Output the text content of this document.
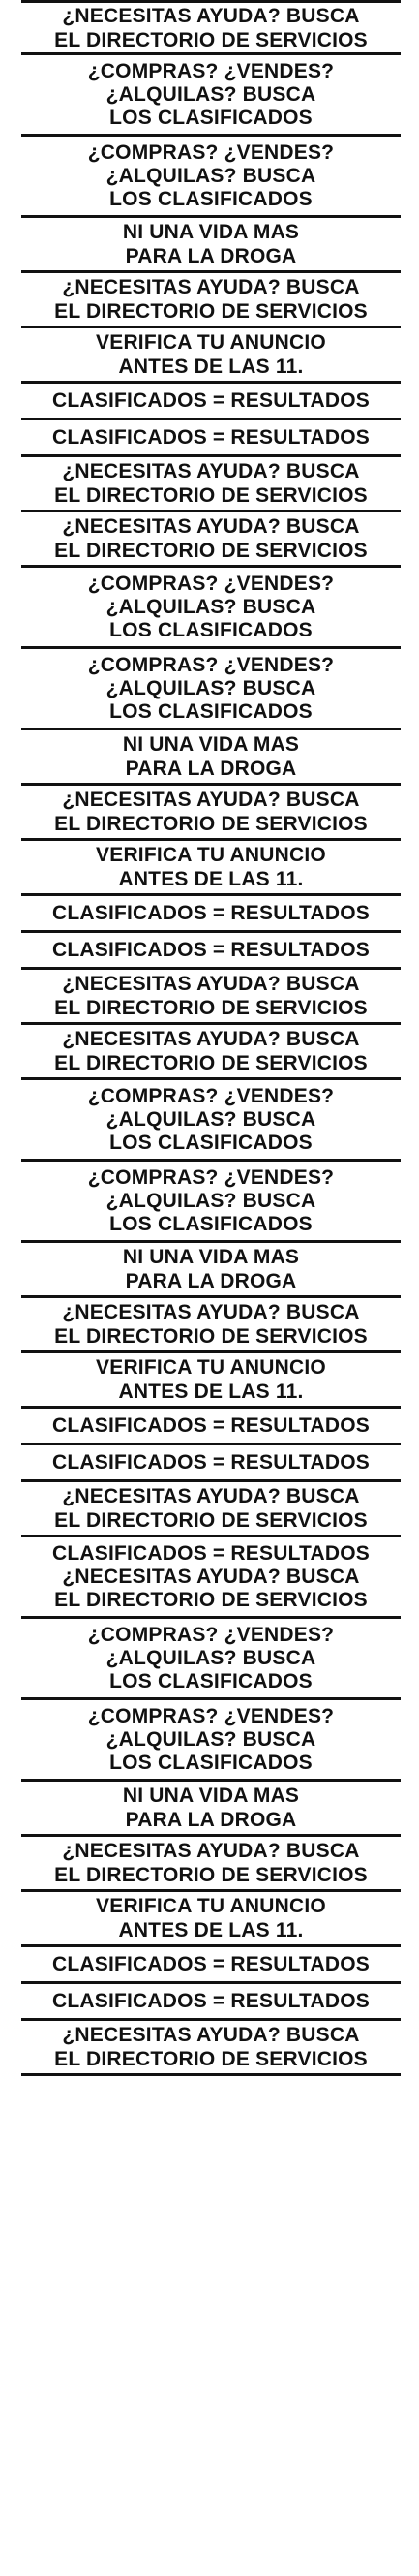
¿NECESITAS AYUDA? BUSCA
EL DIRECTORIO DE SERVICIOS
¿COMPRAS? ¿VENDES?
¿ALQUILAS? BUSCA
LOS CLASIFICADOS
¿COMPRAS? ¿VENDES?
¿ALQUILAS? BUSCA
LOS CLASIFICADOS
NI UNA VIDA MAS
PARA LA DROGA
¿NECESITAS AYUDA? BUSCA
EL DIRECTORIO DE SERVICIOS
VERIFICA TU ANUNCIO
ANTES DE LAS 11.
CLASIFICADOS = RESULTADOS
CLASIFICADOS = RESULTADOS
¿NECESITAS AYUDA? BUSCA
EL DIRECTORIO DE SERVICIOS
¿NECESITAS AYUDA? BUSCA
EL DIRECTORIO DE SERVICIOS
¿COMPRAS? ¿VENDES?
¿ALQUILAS? BUSCA
LOS CLASIFICADOS
¿COMPRAS? ¿VENDES?
¿ALQUILAS? BUSCA
LOS CLASIFICADOS
NI UNA VIDA MAS
PARA LA DROGA
¿NECESITAS AYUDA? BUSCA
EL DIRECTORIO DE SERVICIOS
VERIFICA TU ANUNCIO
ANTES DE LAS 11.
CLASIFICADOS = RESULTADOS
CLASIFICADOS = RESULTADOS
¿NECESITAS AYUDA? BUSCA
EL DIRECTORIO DE SERVICIOS
¿NECESITAS AYUDA? BUSCA
EL DIRECTORIO DE SERVICIOS
¿COMPRAS? ¿VENDES?
¿ALQUILAS? BUSCA
LOS CLASIFICADOS
¿COMPRAS? ¿VENDES?
¿ALQUILAS? BUSCA
LOS CLASIFICADOS
NI UNA VIDA MAS
PARA LA DROGA
¿NECESITAS AYUDA? BUSCA
EL DIRECTORIO DE SERVICIOS
VERIFICA TU ANUNCIO
ANTES DE LAS 11.
CLASIFICADOS = RESULTADOS
CLASIFICADOS = RESULTADOS
¿NECESITAS AYUDA? BUSCA
EL DIRECTORIO DE SERVICIOS
CLASIFICADOS = RESULTADOS
¿NECESITAS AYUDA? BUSCA
EL DIRECTORIO DE SERVICIOS
¿COMPRAS? ¿VENDES?
¿ALQUILAS? BUSCA
LOS CLASIFICADOS
¿COMPRAS? ¿VENDES?
¿ALQUILAS? BUSCA
LOS CLASIFICADOS
NI UNA VIDA MAS
PARA LA DROGA
¿NECESITAS AYUDA? BUSCA
EL DIRECTORIO DE SERVICIOS
VERIFICA TU ANUNCIO
ANTES DE LAS 11.
CLASIFICADOS = RESULTADOS
CLASIFICADOS = RESULTADOS
¿NECESITAS AYUDA? BUSCA
EL DIRECTORIO DE SERVICIOS
